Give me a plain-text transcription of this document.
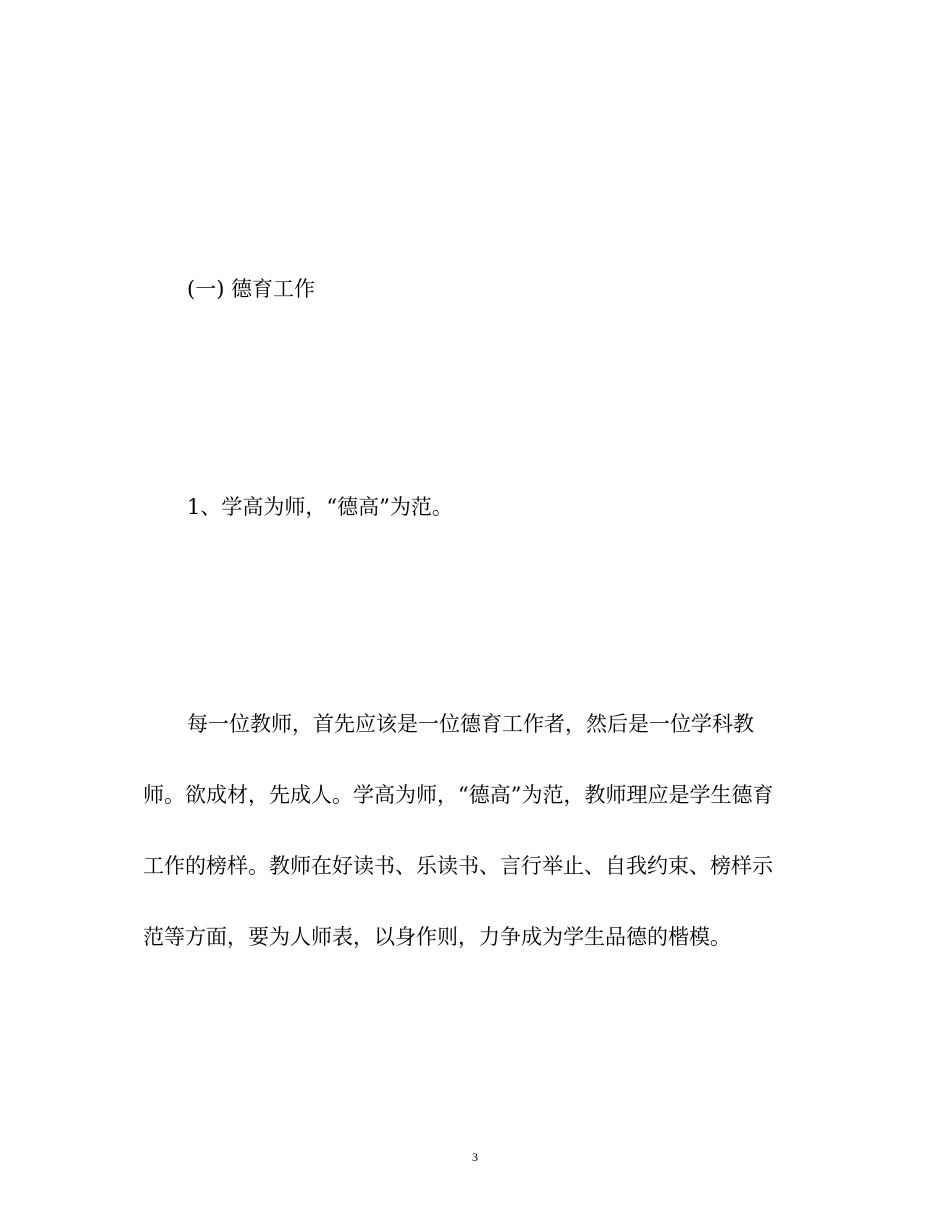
(一) 德育工作
1、学高为师，“德高”为范。
每一位教师，首先应该是一位德育工作者，然后是一位学科教
师。欲成材，先成人。学高为师，“德高”为范，教师理应是学生德育
工作的榜样。教师在好读书、乐读书、言行举止、自我约束、榜样示
范等方面，要为人师表，以身作则，力争成为学生品德的楷模。
3
